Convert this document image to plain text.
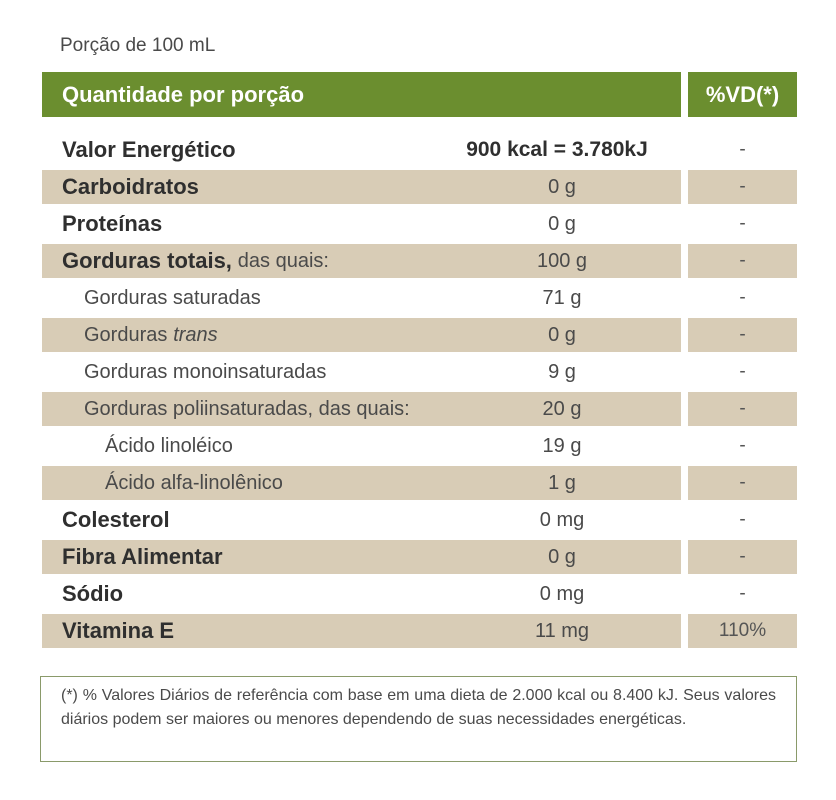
Porção de 100 mL
Quantidade por porção	%VD(*)
Valor Energético	900 kcal = 3.780kJ	-
Carboidratos	0 g	-
Proteínas	0 g	-
Gorduras totais,
das quais:	100 g	-
Gorduras saturadas	71 g	-
Gorduras
trans	0 g	-
Gorduras monoinsaturadas	9 g	-
Gorduras poliinsaturadas, das quais:	20 g	-
Ácido linoléico	19 g	-
Ácido alfa-linolênico	1 g	-
Colesterol	0 mg	-
Fibra Alimentar	0 g	-
Sódio	0 mg	-
Vitamina E	11 mg	110%
(*) % Valores Diários de referência com base em uma dieta de 2.000 kcal ou 8.400 kJ. Seus valores diários podem ser maiores ou menores dependendo de suas necessidades energéticas.
